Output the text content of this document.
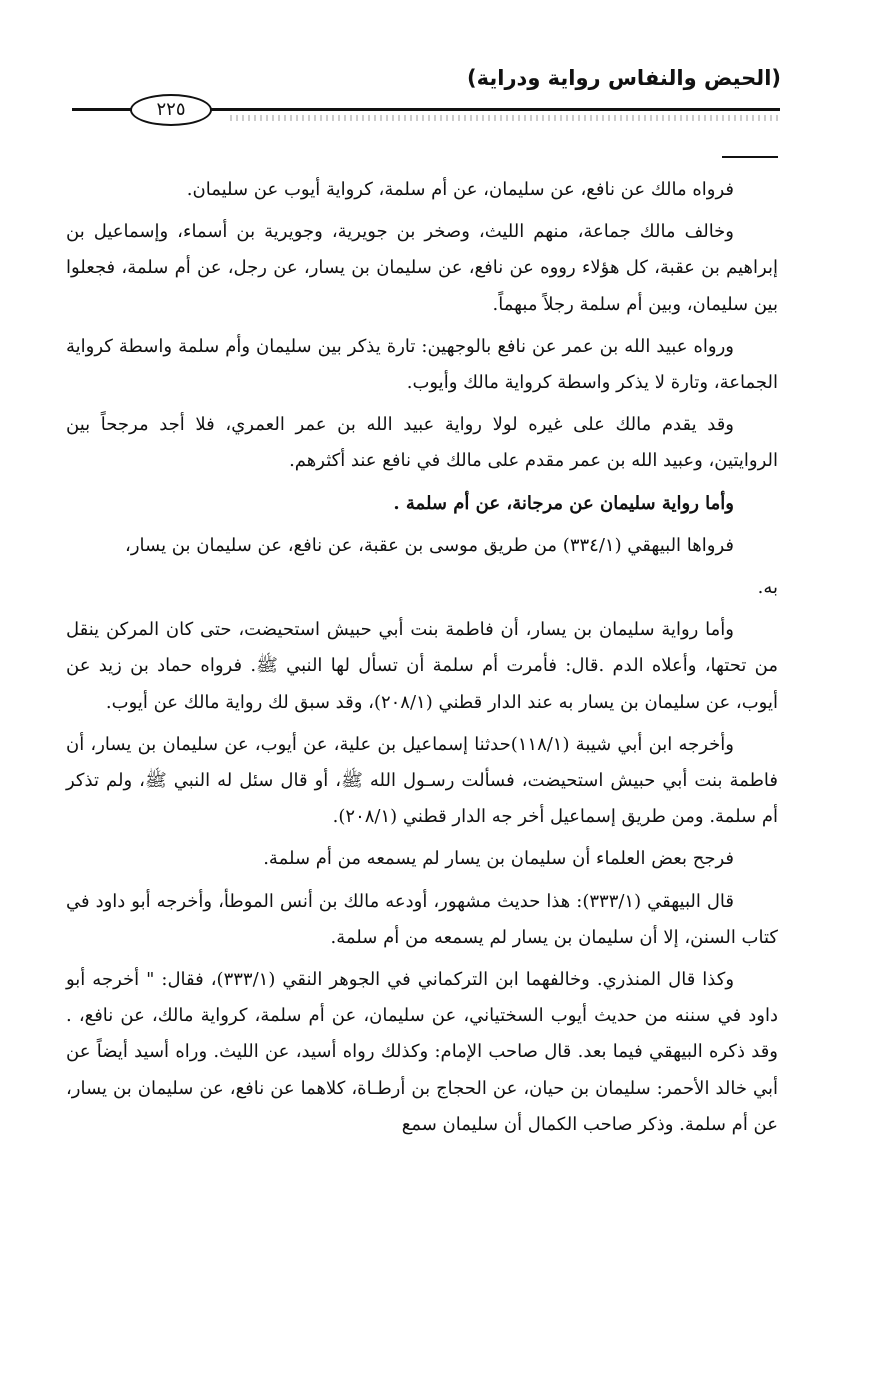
(الحيض والنفاس رواية ودراية)
٢٢٥

فرواه مالك عن نافع، عن سليمان، عن أم سلمة، كرواية أيوب عن سليمان.

وخالف مالك جماعة، منهم الليث، وصخر بن جويرية، وجويرية بن أسماء، وإسماعيل بن إبراهيم بن عقبة، كل هؤلاء رووه عن نافع، عن سليمان بن يسار، عن رجل، عن أم سلمة، فجعلوا بين سليمان، وبين أم سلمة رجلاً مبهماً.

ورواه عبيد الله بن عمر عن نافع بالوجهين: تارة يذكر بين سليمان وأم سلمة واسطة كرواية الجماعة، وتارة لا يذكر واسطة كرواية مالك وأيوب.

وقد يقدم مالك على غيره لولا رواية عبيد الله بن عمر العمري، فلا أجد مرجحاً بين الروايتين، وعبيد الله بن عمر مقدم على مالك في نافع عند أكثرهم.

وأما رواية سليمان عن مرجانة، عن أم سلمة .

فرواها البيهقي (٣٣٤/١) من طريق موسى بن عقبة، عن نافع، عن سليمان بن يسار،

به.

وأما رواية سليمان بن يسار، أن فاطمة بنت أبي حبيش استحيضت، حتى كان المركن ينقل من تحتها، وأعلاه الدم .قال: فأمرت أم سلمة أن تسأل لها النبي ﷺ. فرواه حماد بن زيد عن أيوب، عن سليمان بن يسار به عند الدار قطني (٢٠٨/١)، وقد سبق لك رواية مالك عن أيوب.

وأخرجه ابن أبي شيبة (١١٨/١)حدثنا إسماعيل بن علية، عن أيوب، عن سليمان بن يسار، أن فاطمة بنت أبي حبيش استحيضت، فسألت رسـول الله ﷺ، أو قال سئل له النبي ﷺ، ولم تذكر أم سلمة. ومن طريق إسماعيل أخر جه الدار قطني (٢٠٨/١).

فرجح بعض العلماء أن سليمان بن يسار لم يسمعه من أم سلمة.

قال البيهقي (٣٣٣/١): هذا حديث مشهور، أودعه مالك بن أنس الموطأ، وأخرجه أبو داود في كتاب السنن، إلا أن سليمان بن يسار لم يسمعه من أم سلمة.

وكذا قال المنذري. وخالفهما ابن التركماني في الجوهر النقي (٣٣٣/١)، فقال: " أخرجه أبو داود في سننه من حديث أيوب السختياني، عن سليمان، عن أم سلمة، كرواية مالك، عن نافع، . وقد ذكره البيهقي فيما بعد. قال صاحب الإمام: وكذلك رواه أسيد، عن الليث. وراه أسيد أيضاً عن أبي خالد الأحمر: سليمان بن حيان، عن الحجاج بن أرطـاة، كلاهما عن نافع، عن سليمان بن يسار، عن أم سلمة. وذكر صاحب الكمال أن سليمان سمع
